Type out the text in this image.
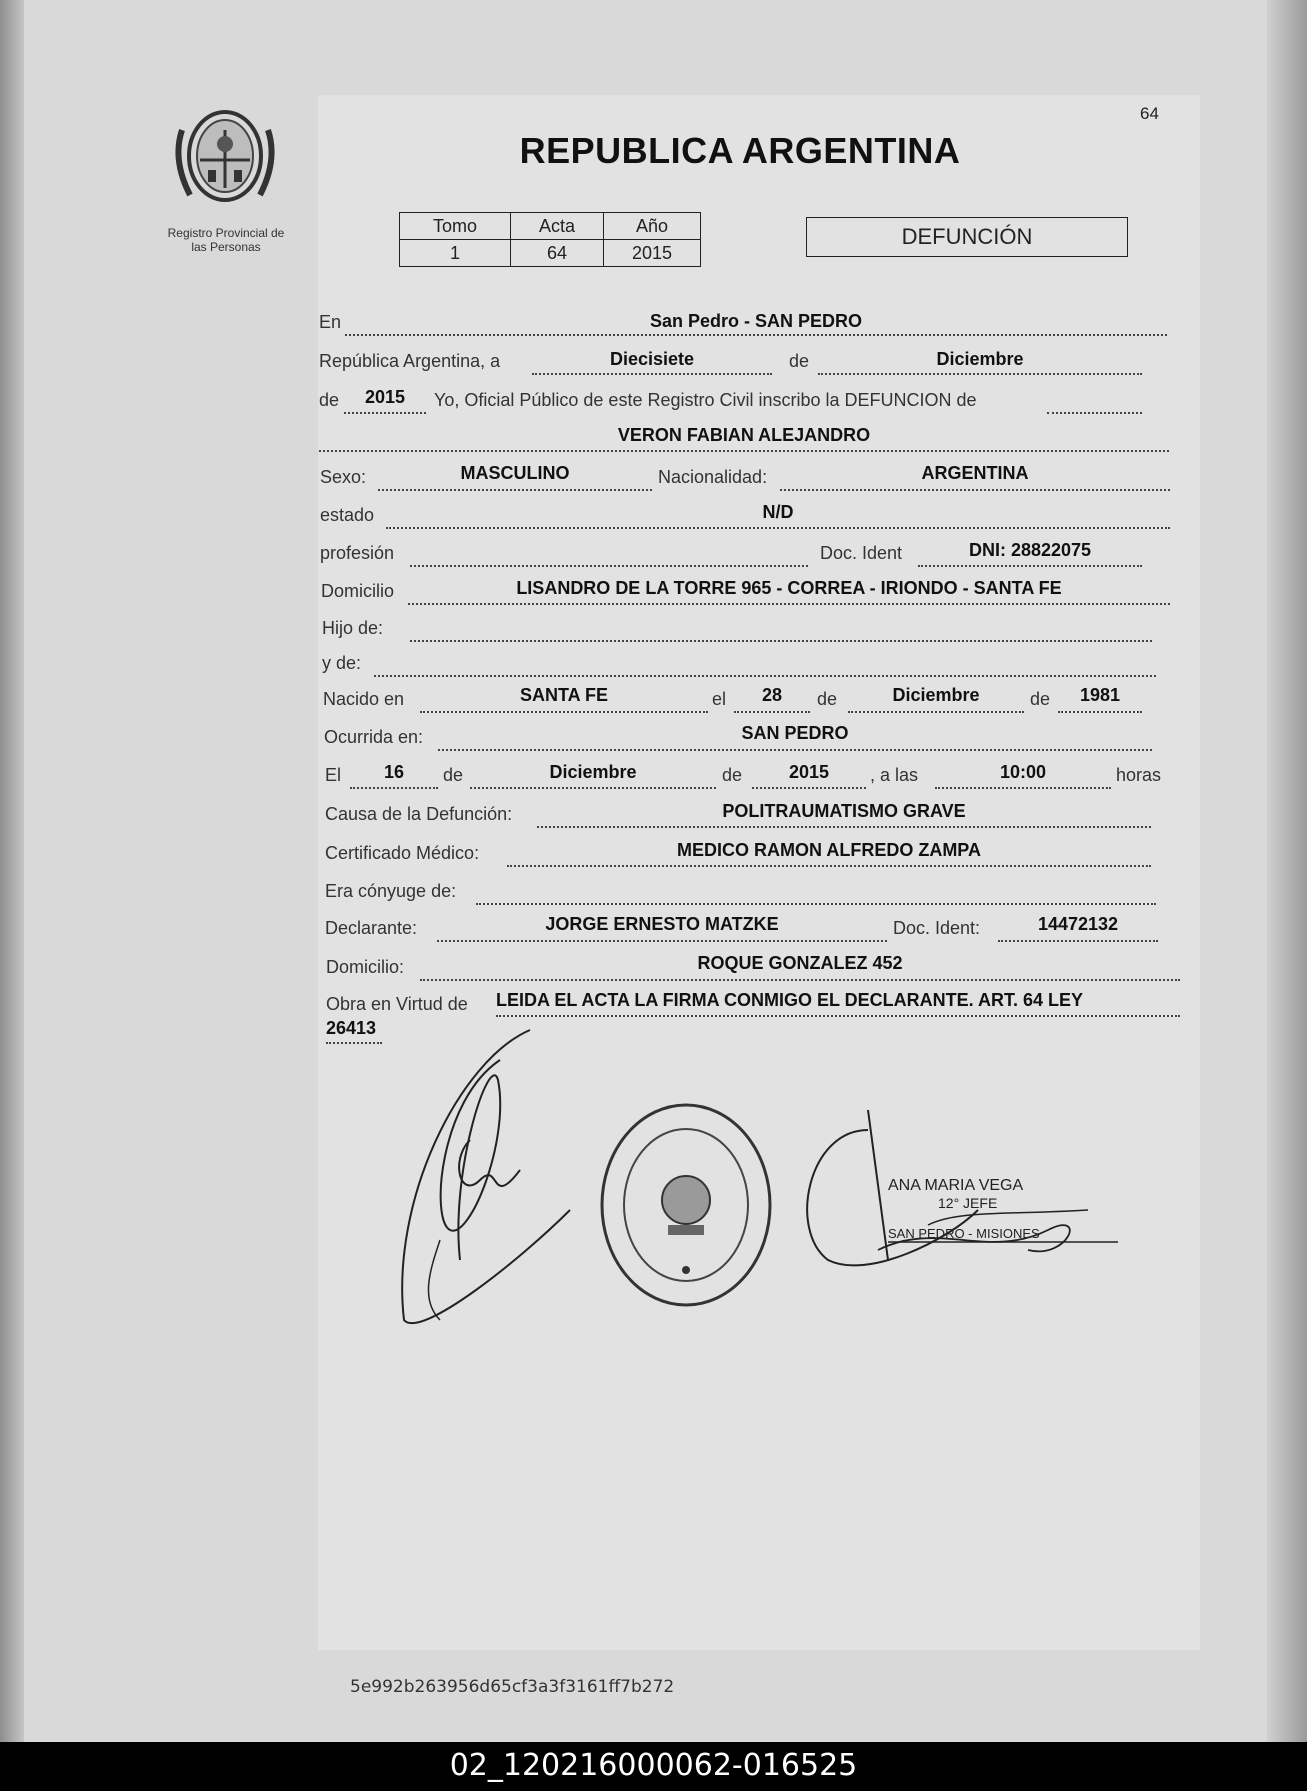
Registro Provincial de
las Personas
64
REPUBLICA ARGENTINA
Tomo	Acta	Año
1	64	2015
DEFUNCIÓN
En	San Pedro - SAN PEDRO
República Argentina, a	Diecisiete	de	Diciembre
de	2015	Yo, Oficial Público de este Registro Civil inscribo la DEFUNCION de
VERON FABIAN ALEJANDRO
Sexo:	MASCULINO	Nacionalidad:	ARGENTINA
estado	N/D
profesión	Doc. Ident	DNI: 28822075
Domicilio	LISANDRO DE LA TORRE 965 - CORREA - IRIONDO - SANTA FE
Hijo de:
y de:
Nacido en	SANTA FE	el	28	de	Diciembre	de	1981
Ocurrida en:	SAN PEDRO
El	16	de	Diciembre	de	2015	, a las	10:00	horas
Causa de la Defunción:	POLITRAUMATISMO GRAVE
Certificado Médico:	MEDICO RAMON ALFREDO ZAMPA
Era cónyuge de:
Declarante:	JORGE ERNESTO MATZKE	Doc. Ident:	14472132
Domicilio:	ROQUE GONZALEZ 452
Obra en Virtud de LEIDA EL ACTA LA FIRMA CONMIGO EL DECLARANTE. ART. 64 LEY
26413
ANA MARIA VEGA
12° JEFE
SAN PEDRO - MISIONES
5e992b263956d65cf3a3f3161ff7b272
02_120216000062-016525
